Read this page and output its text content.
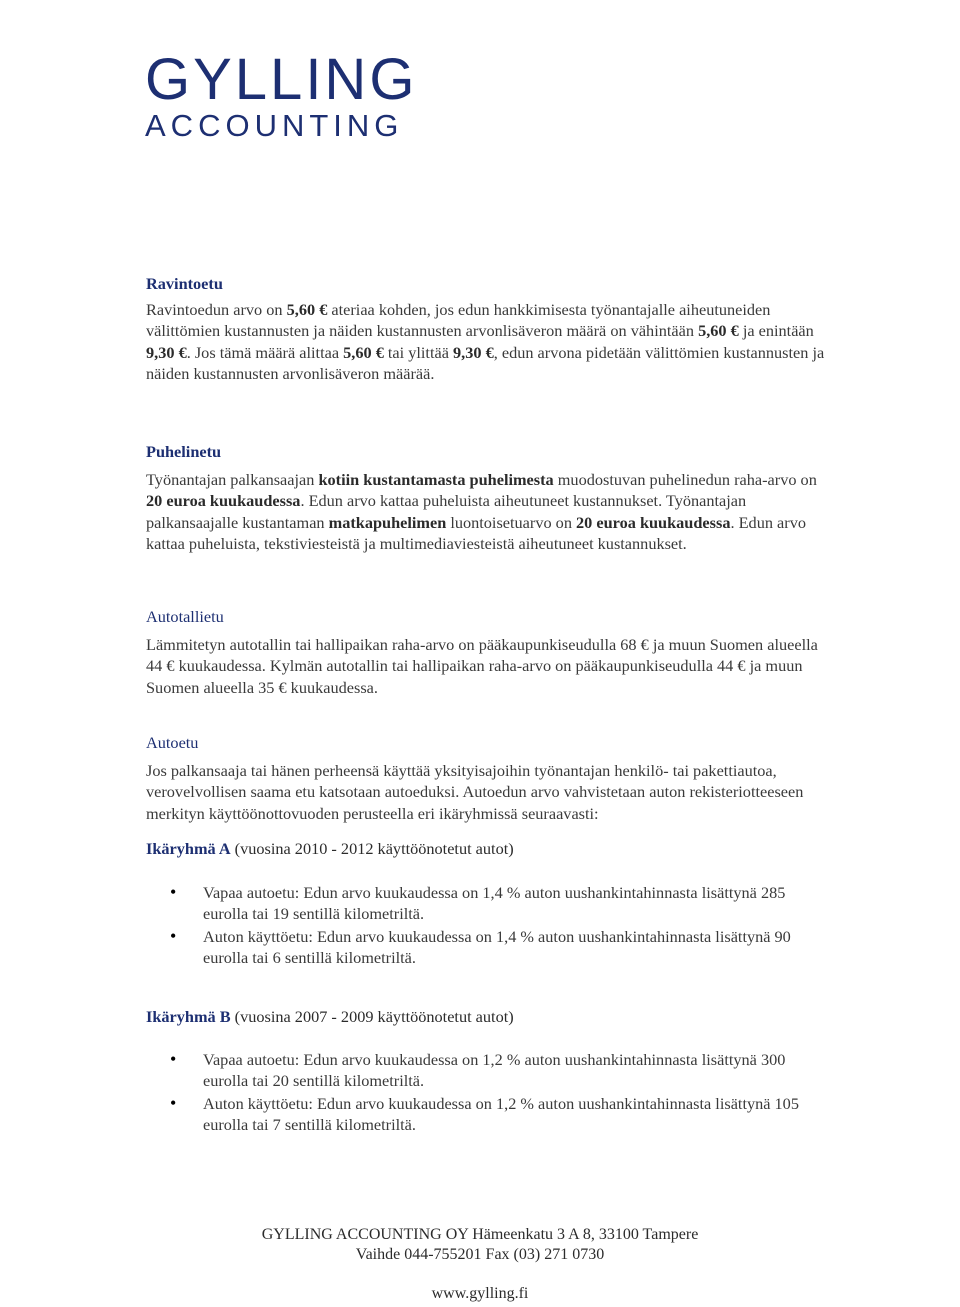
GYLLING
ACCOUNTING
Ravintoetu

Ravintoedun arvo on 5,60 € ateriaa kohden, jos edun hankkimisesta työnantajalle aiheutuneiden välittömien kustannusten ja näiden kustannusten arvonlisäveron määrä on vähintään 5,60 € ja enintään 9,30 €. Jos tämä määrä alittaa 5,60 € tai ylittää 9,30 €, edun arvona pidetään välittömien kustannusten ja näiden kustannusten arvonlisäveron määrää.

Puhelinetu

Työnantajan palkansaajan kotiin kustantamasta puhelimesta muodostuvan puhelinedun raha-arvo on 20 euroa kuukaudessa. Edun arvo kattaa puheluista aiheutuneet kustannukset. Työnantajan palkansaajalle kustantaman matkapuhelimen luontoisetuarvo on 20 euroa kuukaudessa. Edun arvo kattaa puheluista, tekstiviesteistä ja multimediaviesteistä aiheutuneet kustannukset.

Autotallietu

Lämmitetyn autotallin tai hallipaikan raha-arvo on pääkaupunkiseudulla 68 € ja muun Suomen alueella 44 € kuukaudessa. Kylmän autotallin tai hallipaikan raha-arvo on pääkaupunkiseudulla 44 € ja muun Suomen alueella 35 € kuukaudessa.

Autoetu

Jos palkansaaja tai hänen perheensä käyttää yksityisajoihin työnantajan henkilö- tai pakettiautoa, verovelvollisen saama etu katsotaan autoeduksi. Autoedun arvo vahvistetaan auton rekisteriotteeseen merkityn käyttöönottovuoden perusteella eri ikäryhmissä seuraavasti:

Ikäryhmä A (vuosina 2010 - 2012 käyttöönotetut autot)

• Vapaa autoetu: Edun arvo kuukaudessa on 1,4 % auton uushankintahinnasta lisättynä 285 eurolla tai 19 sentillä kilometriltä.
• Auton käyttöetu: Edun arvo kuukaudessa on 1,4 % auton uushankintahinnasta lisättynä 90 eurolla tai 6 sentillä kilometriltä.

Ikäryhmä B (vuosina 2007 - 2009 käyttöönotetut autot)

• Vapaa autoetu: Edun arvo kuukaudessa on 1,2 % auton uushankintahinnasta lisättynä 300 eurolla tai 20 sentillä kilometriltä.
• Auton käyttöetu: Edun arvo kuukaudessa on 1,2 % auton uushankintahinnasta lisättynä 105 eurolla tai 7 sentillä kilometriltä.
GYLLING ACCOUNTING OY Hämeenkatu 3 A 8, 33100 Tampere
Vaihde 044-755201 Fax (03) 271 0730
www.gylling.fi
